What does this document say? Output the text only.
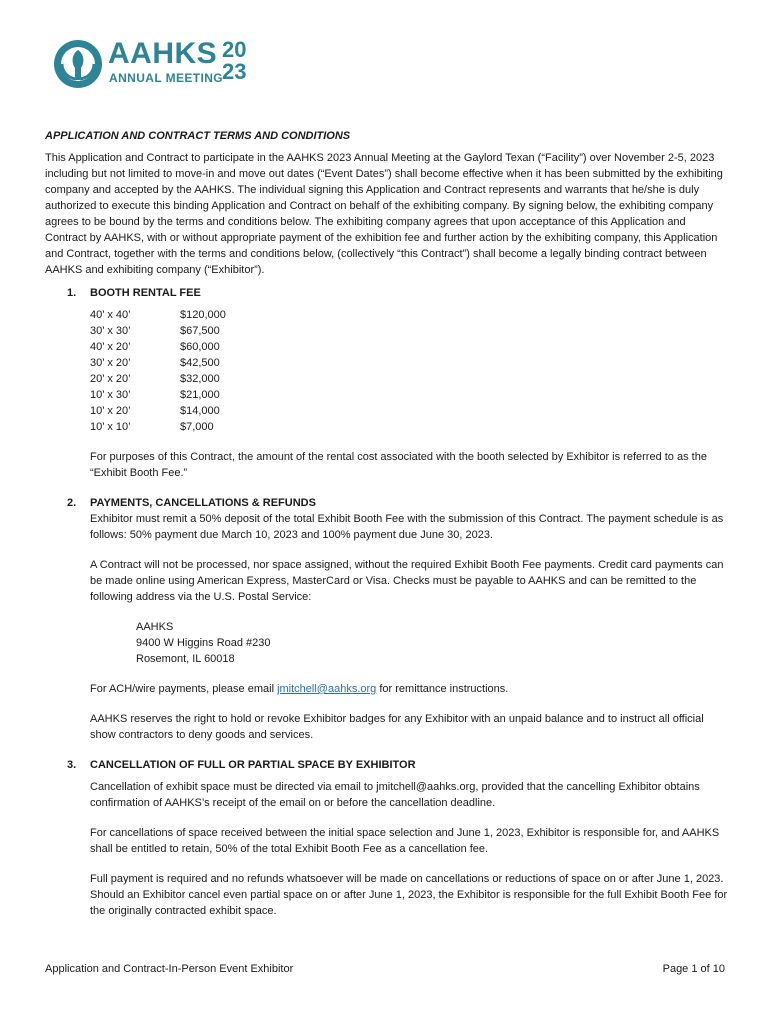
AAHKS 20
23
ANNUAL MEETING
APPLICATION AND CONTRACT TERMS AND CONDITIONS

This Application and Contract to participate in the AAHKS 2023 Annual Meeting at the Gaylord Texan (“Facility”) over November 2-5, 2023 including but not limited to move-in and move out dates (“Event Dates”) shall become effective when it has been submitted by the exhibiting company and accepted by the AAHKS. The individual signing this Application and Contract represents and warrants that he/she is duly authorized to execute this binding Application and Contract on behalf of the exhibiting company. By signing below, the exhibiting company agrees to be bound by the terms and conditions below. The exhibiting company agrees that upon acceptance of this Application and Contract by AAHKS, with or without appropriate payment of the exhibition fee and further action by the exhibiting company, this Application and Contract, together with the terms and conditions below, (collectively “this Contract”) shall become a legally binding contract between AAHKS and exhibiting company (“Exhibitor”).

1. BOOTH RENTAL FEE
40’ x 40’	$120,000
30’ x 30’	$67,500
40’ x 20’	$60,000
30’ x 20’	$42,500
20’ x 20’	$32,000
10’ x 30’	$21,000
10’ x 20’	$14,000
10’ x 10’	$7,000

For purposes of this Contract, the amount of the rental cost associated with the booth selected by Exhibitor is referred to as the “Exhibit Booth Fee.”

2. PAYMENTS, CANCELLATIONS & REFUNDS

Exhibitor must remit a 50% deposit of the total Exhibit Booth Fee with the submission of this Contract. The payment schedule is as follows: 50% payment due March 10, 2023 and 100% payment due June 30, 2023.

A Contract will not be processed, nor space assigned, without the required Exhibit Booth Fee payments. Credit card payments can be made online using American Express, MasterCard or Visa. Checks must be payable to AAHKS and can be remitted to the following address via the U.S. Postal Service:

AAHKS
9400 W Higgins Road #230
Rosemont, IL 60018

For ACH/wire payments, please email jmitchell@aahks.org for remittance instructions.

AAHKS reserves the right to hold or revoke Exhibitor badges for any Exhibitor with an unpaid balance and to instruct all official show contractors to deny goods and services.

3. CANCELLATION OF FULL OR PARTIAL SPACE BY EXHIBITOR

Cancellation of exhibit space must be directed via email to jmitchell@aahks.org, provided that the cancelling Exhibitor obtains confirmation of AAHKS’s receipt of the email on or before the cancellation deadline.

For cancellations of space received between the initial space selection and June 1, 2023, Exhibitor is responsible for, and AAHKS shall be entitled to retain, 50% of the total Exhibit Booth Fee as a cancellation fee.

Full payment is required and no refunds whatsoever will be made on cancellations or reductions of space on or after June 1, 2023. Should an Exhibitor cancel even partial space on or after June 1, 2023, the Exhibitor is responsible for the full Exhibit Booth Fee for the originally contracted exhibit space.

Application and Contract-In-Person Event Exhibitor	Page 1 of 10
